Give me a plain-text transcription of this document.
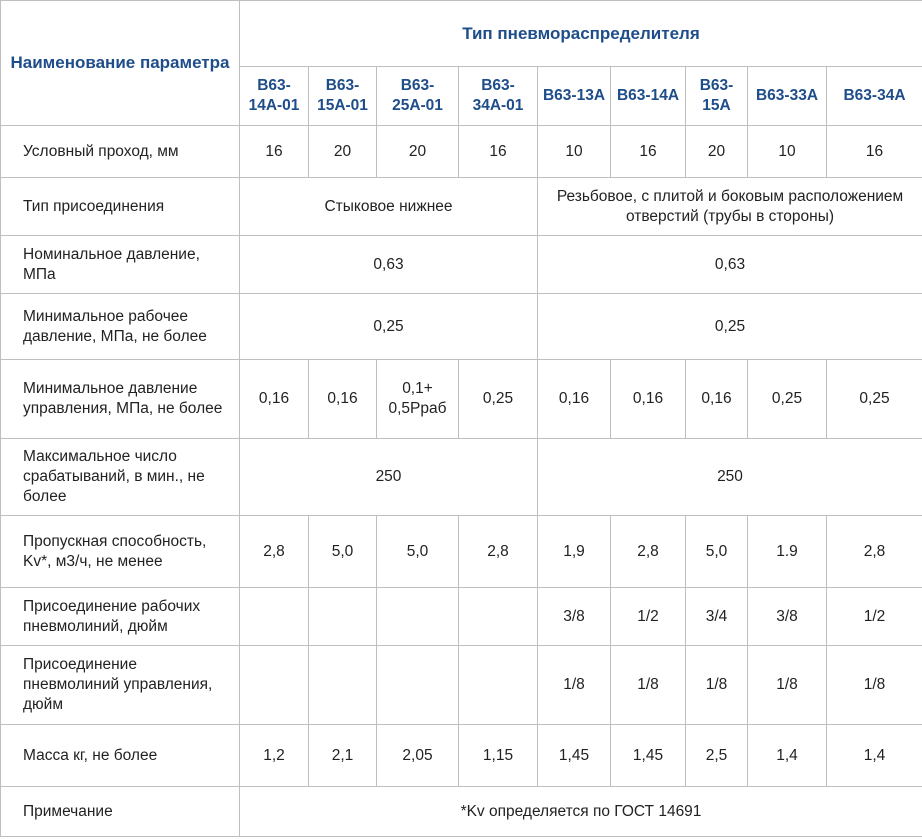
Наименование параметра	Тип пневмораспределителя								
	В63-14А-01	В63-15А-01	В63-25А-01	В63-34А-01	В63-13А	В63-14А	В63-15А	В63-33А	В63-34А
Условный проход, мм	16	20	20	16	10	16	20	10	16
Тип присоединения	Стыковое нижнее				Резьбовое, с плитой и боковым расположением отверстий (трубы в стороны)				
Номинальное давление, МПа	0,63				0,63				
Минимальное рабочее давление, МПа, не более	0,25				0,25				
Минимальное давление управления, МПа, не более	0,16	0,16	0,1+ 0,5Pраб	0,25	0,16	0,16	0,16	0,25	0,25
Максимальное число срабатываний, в мин., не более	250				250				
Пропускная способность, Kv*, м3/ч, не менее	2,8	5,0	5,0	2,8	1,9	2,8	5,0	1.9	2,8
Присоединение рабочих пневмолиний, дюйм					3/8	1/2	3/4	3/8	1/2
Присоединение пневмолиний управления, дюйм					1/8	1/8	1/8	1/8	1/8
Масса кг, не более	1,2	2,1	2,05	1,15	1,45	1,45	2,5	1,4	1,4
Примечание	*Kv определяется по ГОСТ 14691								
